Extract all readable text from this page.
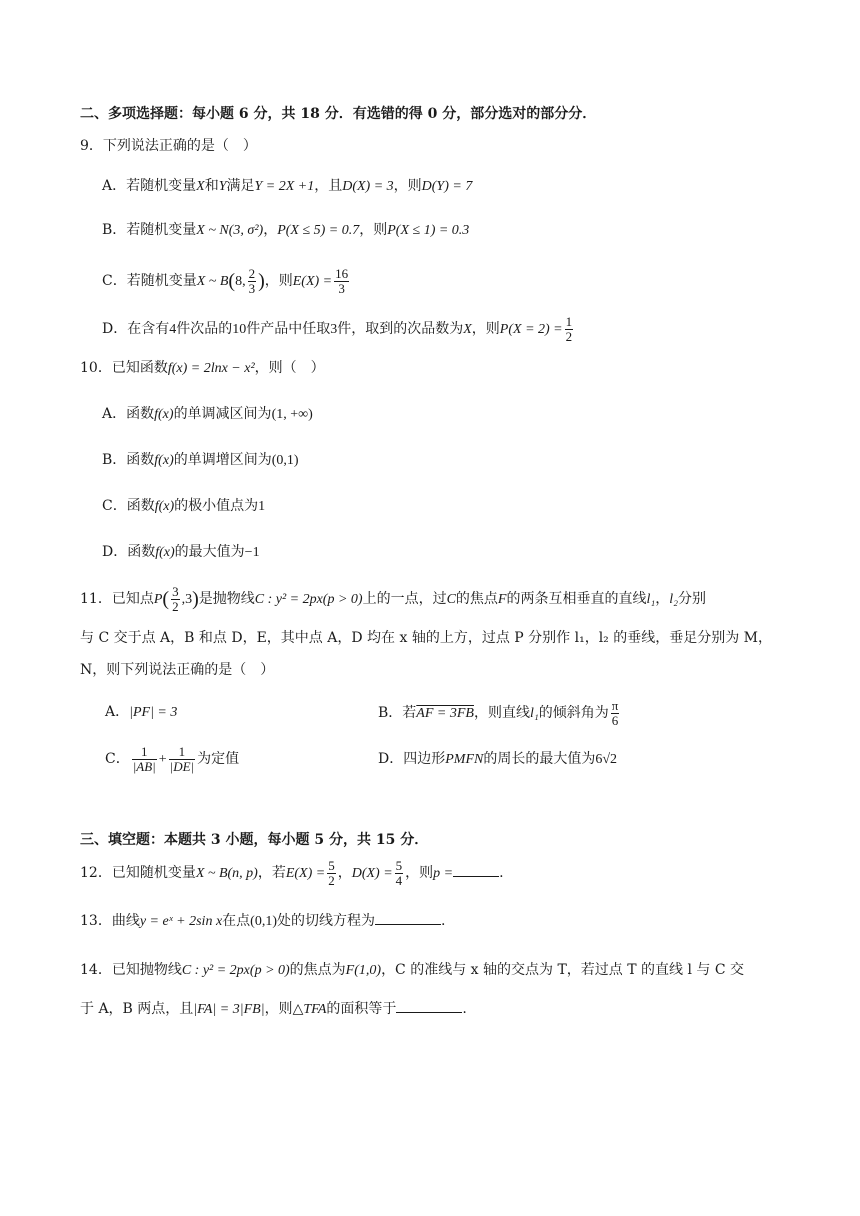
二、多项选择题：每小题 6 分，共 18 分．有选错的得 0 分，部分选对的部分分．
9．下列说法正确的是（　）
A．若随机变量X和Y满足Y = 2X +1，且D(X) = 3，则D(Y) = 7
B．若随机变量X ~ N(3, σ²)，P(X ≤ 5) = 0.7，则P(X ≤ 1) = 0.3
C．若随机变量X ~ B(8, $\frac{2}{3}$ )，则$E(X) = \frac{16}{3}$
D．在含有4件次品的10件产品中任取3件，取到的次品数为X，则$P(X = 2) = \frac{1}{2}$
10．已知函数f(x) = 2lnx − x²，则（　）
A．函数f(x)的单调减区间为(1, +∞)
B．函数f(x)的单调增区间为(0,1)
C．函数f(x)的极小值点为1
D．函数f(x)的最大值为−1
11．已知点$P( \frac{3}{2} ,3)$是抛物线C : y² = 2px(p > 0)上的一点，过C的焦点F的两条互相垂直的直线l₁，l₂分别
与 C 交于点 A，B 和点 D，E，其中点 A，D 均在 x 轴的上方，过点 P 分别作 l₁，l₂ 的垂线，垂足分别为 M，
N，则下列说法正确的是（　）
A．|PF| = 3	B．若AF = 3FB，则直线l₁的倾斜角为 $\frac{\pi}{6}$
C． $\frac{1}{|AB|} + \frac{1}{|DE|}$ 为定值	D．四边形PMFN的周长的最大值为6√2
三、填空题：本题共 3 小题，每小题 5 分，共 15 分．
12．已知随机变量X ~ B(n, p)，若$E(X) = \frac{5}{2}$ ，$D(X) = \frac{5}{4}$ ，则p =	.
13．曲线y = eˣ + 2sin x在点(0,1)处的切线方程为	.
14．已知抛物线C : y² = 2px(p > 0)的焦点为F(1,0)，C 的准线与 x 轴的交点为 T，若过点 T 的直线 l 与 C 交
于 A，B 两点，且|FA| = 3|FB|，则△TFA的面积等于	.
